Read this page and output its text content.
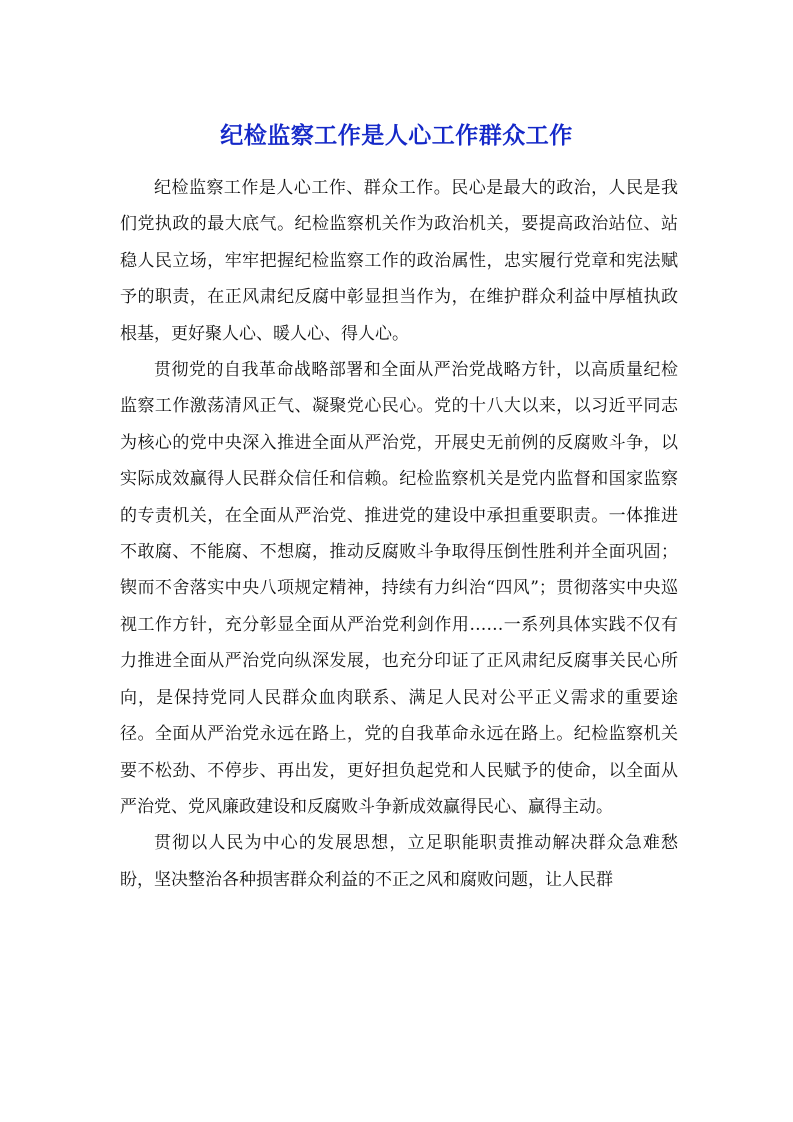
纪检监察工作是人心工作群众工作

纪检监察工作是人心工作、群众工作。民心是最大的政治，人民是我们党执政的最大底气。纪检监察机关作为政治机关，要提高政治站位、站稳人民立场，牢牢把握纪检监察工作的政治属性，忠实履行党章和宪法赋予的职责，在正风肃纪反腐中彰显担当作为，在维护群众利益中厚植执政根基，更好聚人心、暖人心、得人心。

贯彻党的自我革命战略部署和全面从严治党战略方针，以高质量纪检监察工作激荡清风正气、凝聚党心民心。党的十八大以来，以习近平同志为核心的党中央深入推进全面从严治党，开展史无前例的反腐败斗争，以实际成效赢得人民群众信任和信赖。纪检监察机关是党内监督和国家监察的专责机关，在全面从严治党、推进党的建设中承担重要职责。一体推进不敢腐、不能腐、不想腐，推动反腐败斗争取得压倒性胜利并全面巩固；锲而不舍落实中央八项规定精神，持续有力纠治“四风”；贯彻落实中央巡视工作方针，充分彰显全面从严治党利剑作用……一系列具体实践不仅有力推进全面从严治党向纵深发展，也充分印证了正风肃纪反腐事关民心所向，是保持党同人民群众血肉联系、满足人民对公平正义需求的重要途径。全面从严治党永远在路上，党的自我革命永远在路上。纪检监察机关要不松劲、不停步、再出发，更好担负起党和人民赋予的使命，以全面从严治党、党风廉政建设和反腐败斗争新成效赢得民心、赢得主动。

贯彻以人民为中心的发展思想，立足职能职责推动解决群众急难愁盼，坚决整治各种损害群众利益的不正之风和腐败问题，让人民群
